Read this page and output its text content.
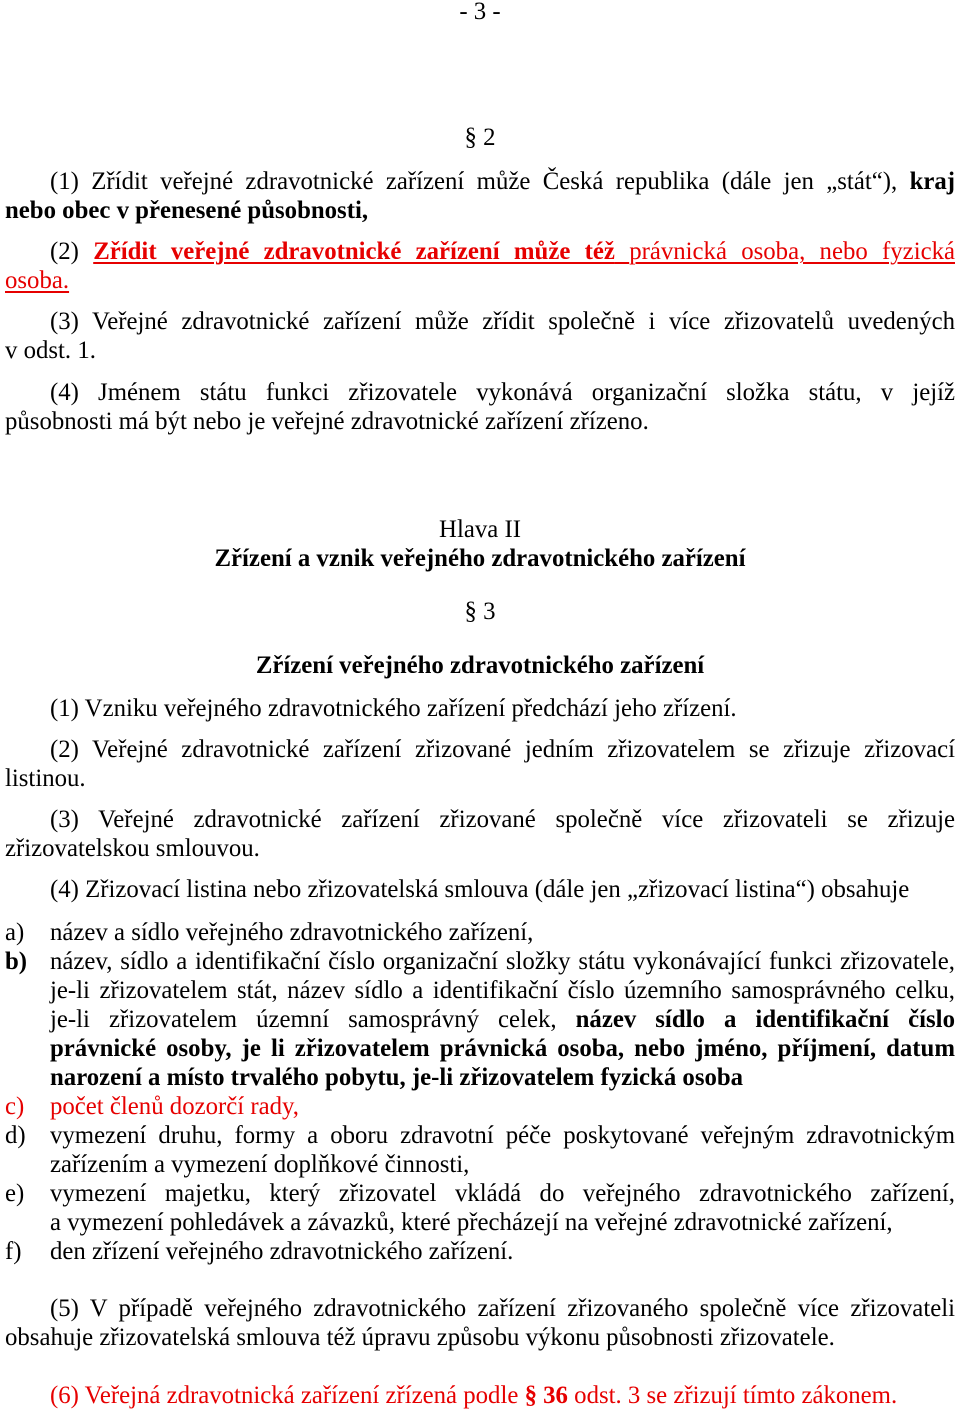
- 3 -
§ 2
(1) Zřídit veřejné zdravotnické zařízení může Česká republika (dále jen „stát“), kraj
nebo obec v přenesené působnosti,
(2) Zřídit veřejné zdravotnické zařízení může též právnická osoba, nebo fyzická
osoba.
(3) Veřejné zdravotnické zařízení může zřídit společně i více zřizovatelů uvedených
v odst. 1.
(4) Jménem státu funkci zřizovatele vykonává organizační složka státu, v jejíž
působnosti má být nebo je veřejné zdravotnické zařízení zřízeno.
Hlava II
Zřízení a vznik veřejného zdravotnického zařízení
§ 3
Zřízení veřejného zdravotnického zařízení
(1) Vzniku veřejného zdravotnického zařízení předchází jeho zřízení.
(2) Veřejné zdravotnické zařízení zřizované jedním zřizovatelem se zřizuje zřizovací
listinou.
(3) Veřejné zdravotnické zařízení zřizované společně více zřizovateli se zřizuje
zřizovatelskou smlouvou.
(4) Zřizovací listina nebo zřizovatelská smlouva (dále jen „zřizovací listina“) obsahuje
a) název a sídlo veřejného zdravotnického zařízení,
b) název, sídlo a identifikační číslo organizační složky státu vykonávající funkci zřizovatele,
je-li zřizovatelem stát, název sídlo a identifikační číslo územního samosprávného celku,
je-li zřizovatelem územní samosprávný celek, název sídlo a identifikační číslo
právnické osoby, je li zřizovatelem právnická osoba, nebo jméno, příjmení, datum
narození a místo trvalého pobytu, je-li zřizovatelem fyzická osoba
c) počet členů dozorčí rady,
d) vymezení druhu, formy a oboru zdravotní péče poskytované veřejným zdravotnickým
zařízením a vymezení doplňkové činnosti,
e) vymezení majetku, který zřizovatel vkládá do veřejného zdravotnického zařízení,
a vymezení pohledávek a závazků, které přecházejí na veřejné zdravotnické zařízení,
f) den zřízení veřejného zdravotnického zařízení.
(5) V případě veřejného zdravotnického zařízení zřizovaného společně více zřizovateli
obsahuje zřizovatelská smlouva též úpravu způsobu výkonu působnosti zřizovatele.
(6) Veřejná zdravotnická zařízení zřízená podle § 36 odst. 3 se zřizují tímto zákonem.
